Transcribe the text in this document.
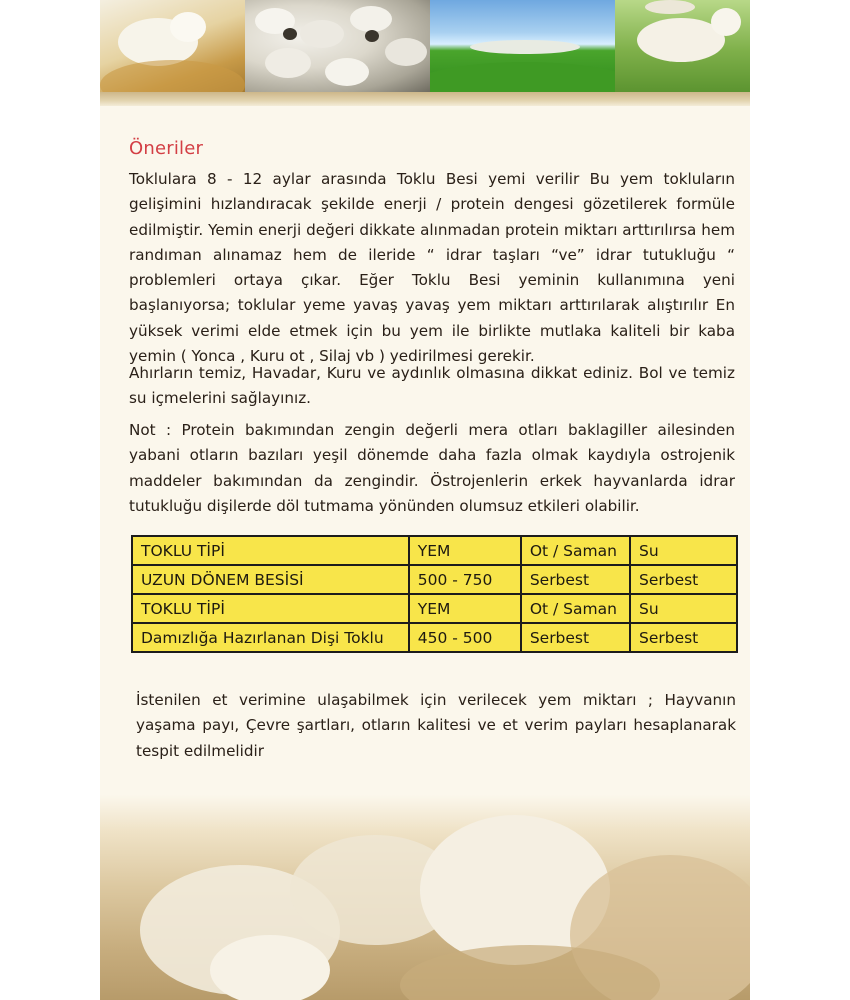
Öneriler

Toklulara 8 - 12 aylar arasında Toklu Besi yemi verilir Bu yem tokluların gelişimini hızlandıracak şekilde enerji / protein dengesi gözetilerek formüle edilmiştir. Yemin enerji değeri dikkate alınmadan protein miktarı arttırılırsa hem randıman alınamaz hem de ileride “ idrar taşları “ve” idrar tutukluğu “ problemleri ortaya çıkar. Eğer Toklu Besi yeminin kullanımına yeni başlanıyorsa; toklular yeme yavaş yavaş yem miktarı arttırılarak alıştırılır En yüksek verimi elde etmek için bu yem ile birlikte mutlaka kaliteli bir kaba yemin ( Yonca , Kuru ot , Silaj vb ) yedirilmesi gerekir.

Ahırların temiz, Havadar, Kuru ve aydınlık olmasına dikkat ediniz. Bol ve temiz su içmelerini sağlayınız.

Not : Protein bakımından zengin değerli mera otları baklagiller ailesinden yabani otların bazıları yeşil dönemde daha fazla olmak kaydıyla ostrojenik maddeler bakımından da zengindir. Östrojenlerin erkek hayvanlarda idrar tutukluğu dişilerde döl tutmama yönünden olumsuz etkileri olabilir.

TOKLU TİPİ	YEM	Ot / Saman	Su
UZUN DÖNEM BESİSİ	500 - 750	Serbest	Serbest
TOKLU TİPİ	YEM	Ot / Saman	Su
Damızlığa Hazırlanan Dişi Toklu	450 - 500	Serbest	Serbest

İstenilen et verimine ulaşabilmek için verilecek yem miktarı ; Hayvanın yaşama payı, Çevre şartları, otların kalitesi ve et verim payları hesaplanarak tespit edilmelidir
